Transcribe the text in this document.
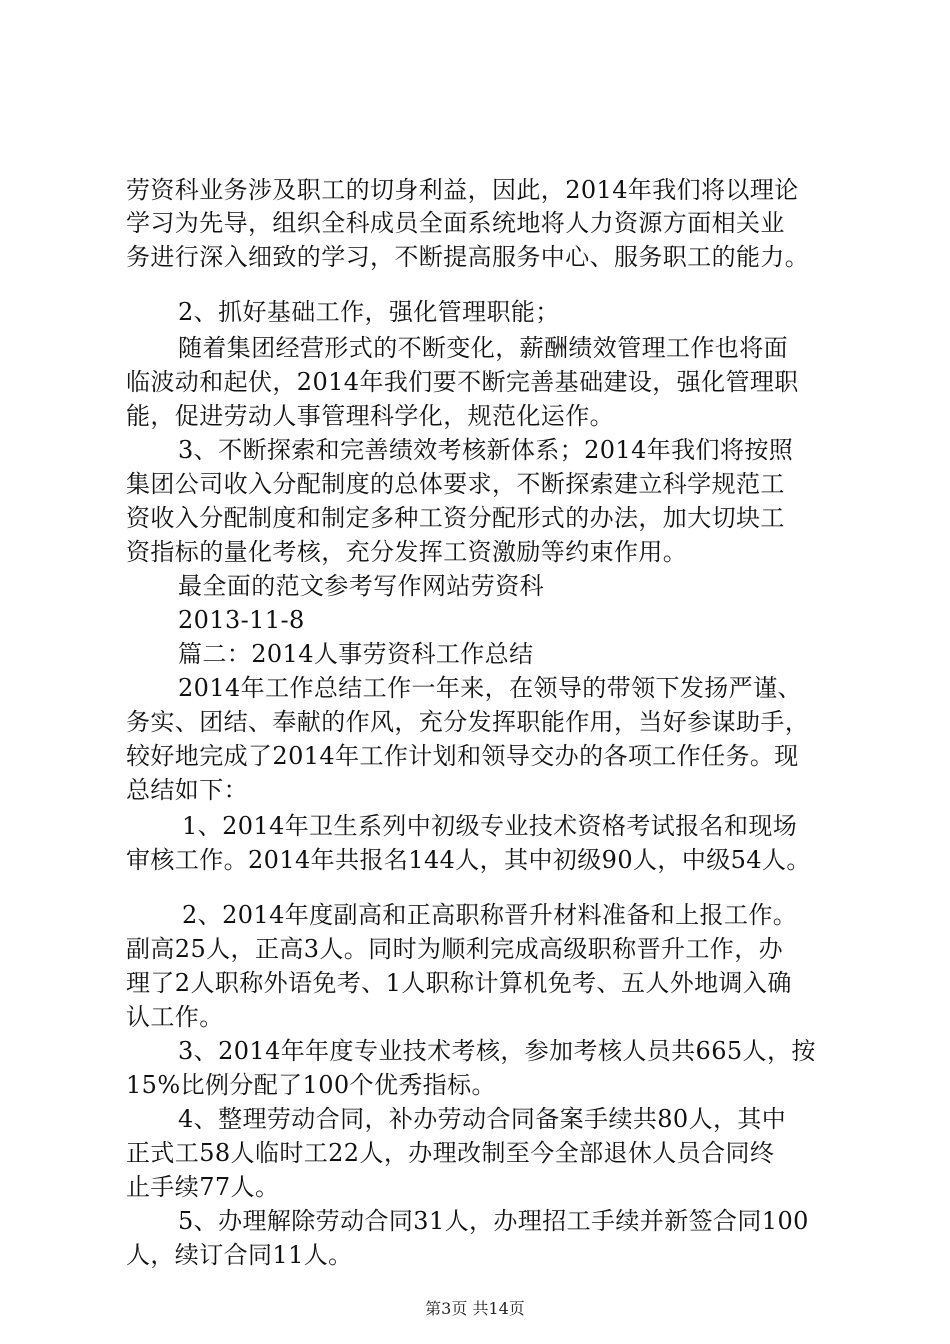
劳资科业务涉及职工的切身利益，因此，2014年我们将以理论
学习为先导，组织全科成员全面系统地将人力资源方面相关业
务进行深入细致的学习，不断提高服务中心、服务职工的能力。
2、抓好基础工作，强化管理职能；
随着集团经营形式的不断变化，薪酬绩效管理工作也将面
临波动和起伏，2014年我们要不断完善基础建设，强化管理职
能，促进劳动人事管理科学化，规范化运作。
3、不断探索和完善绩效考核新体系；2014年我们将按照
集团公司收入分配制度的总体要求，不断探索建立科学规范工
资收入分配制度和制定多种工资分配形式的办法，加大切块工
资指标的量化考核，充分发挥工资激励等约束作用。
最全面的范文参考写作网站劳资科
2013-11-8
篇二：2014人事劳资科工作总结
2014年工作总结工作一年来，在领导的带领下发扬严谨、
务实、团结、奉献的作风，充分发挥职能作用，当好参谋助手，
较好地完成了2014年工作计划和领导交办的各项工作任务。现
总结如下：
1、2014年卫生系列中初级专业技术资格考试报名和现场
审核工作。2014年共报名144人，其中初级90人，中级54人。
2、2014年度副高和正高职称晋升材料准备和上报工作。
副高25人，正高3人。同时为顺利完成高级职称晋升工作，办
理了2人职称外语免考、1人职称计算机免考、五人外地调入确
认工作。
3、2014年年度专业技术考核，参加考核人员共665人，按
15%比例分配了100个优秀指标。
4、整理劳动合同，补办劳动合同备案手续共80人，其中
正式工58人临时工22人，办理改制至今全部退休人员合同终
止手续77人。
5、办理解除劳动合同31人，办理招工手续并新签合同100
人，续订合同11人。
第3页 共14页
